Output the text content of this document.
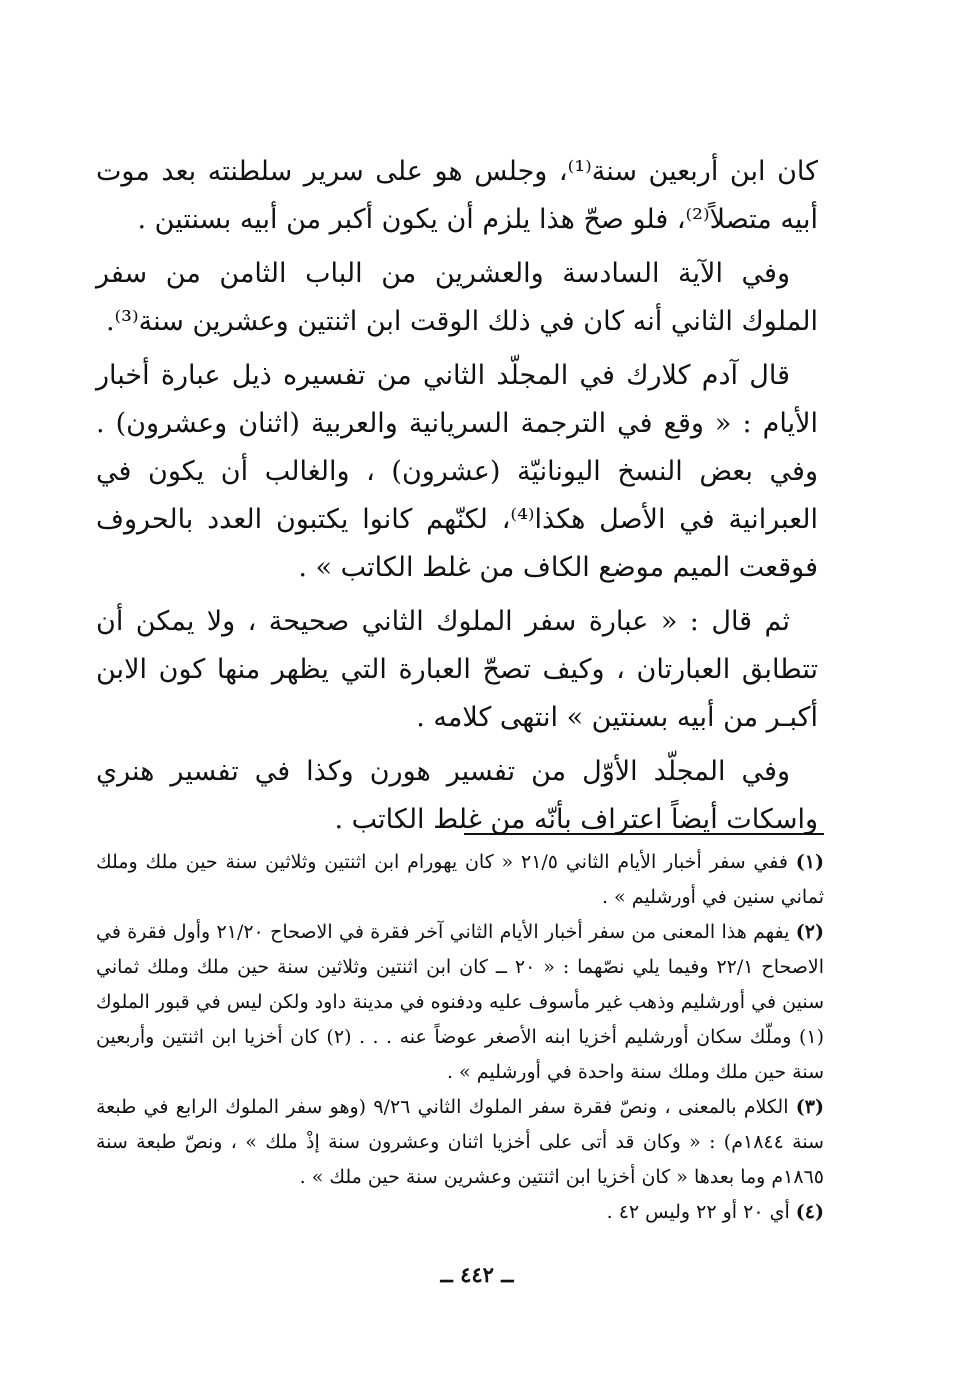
كان ابن أربعين سنة⁽¹⁾، وجلس هو على سرير سلطنته بعد موت أبيه متصلاً⁽²⁾، فلو صحّ هذا يلزم أن يكون أكبر من أبيه بسنتين .

وفي الآية السادسة والعشرين من الباب الثامن من سفر الملوك الثاني أنه كان في ذلك الوقت ابن اثنتين وعشرين سنة⁽³⁾.

قال آدم كلارك في المجلّد الثاني من تفسيره ذيل عبارة أخبار الأيام : « وقع في الترجمة السريانية والعربية (اثنان وعشرون) . وفي بعض النسخ اليونانيّة (عشرون) ، والغالب أن يكون في العبرانية في الأصل هكذا⁽⁴⁾، لكنّهم كانوا يكتبون العدد بالحروف فوقعت الميم موضع الكاف من غلط الكاتب » .

ثم قال : « عبارة سفر الملوك الثاني صحيحة ، ولا يمكن أن تتطابق العبارتان ، وكيف تصحّ العبارة التي يظهر منها كون الابن أكبـر من أبيه بسنتين » انتهى كلامه .

وفي المجلّد الأوّل من تفسير هورن وكذا في تفسير هنري واسكات أيضاً اعتراف بأنّه من غلط الكاتب .

(١) ففي سفر أخبار الأيام الثاني ٢١/٥ « كان يهورام ابن اثنتين وثلاثين سنة حين ملك وملك ثماني سنين في أورشليم » .

(٢) يفهم هذا المعنى من سفر أخبار الأيام الثاني آخر فقرة في الاصحاح ٢١/٢٠ وأول فقرة في الاصحاح ٢٢/١ وفيما يلي نصّهما : « ٢٠ ــ كان ابن اثنتين وثلاثين سنة حين ملك وملك ثماني سنين في أورشليم وذهب غير مأسوف عليه ودفنوه في مدينة داود ولكن ليس في قبور الملوك (١) وملّك سكان أورشليم أخزيا ابنه الأصغر عوضاً عنه . . . (٢) كان أخزيا ابن اثنتين وأربعين سنة حين ملك وملك سنة واحدة في أورشليم » .

(٣) الكلام بالمعنى ، ونصّ فقرة سفر الملوك الثاني ٩/٢٦ (وهو سفر الملوك الرابع في طبعة سنة ١٨٤٤م) : « وكان قد أتى على أخزيا اثنان وعشرون سنة إذْ ملك » ، ونصّ طبعة سنة ١٨٦٥م وما بعدها « كان أخزيا ابن اثنتين وعشرين سنة حين ملك » .

(٤) أي ٢٠ أو ٢٢ وليس ٤٢ .

ــ ٤٤٢ ــ
